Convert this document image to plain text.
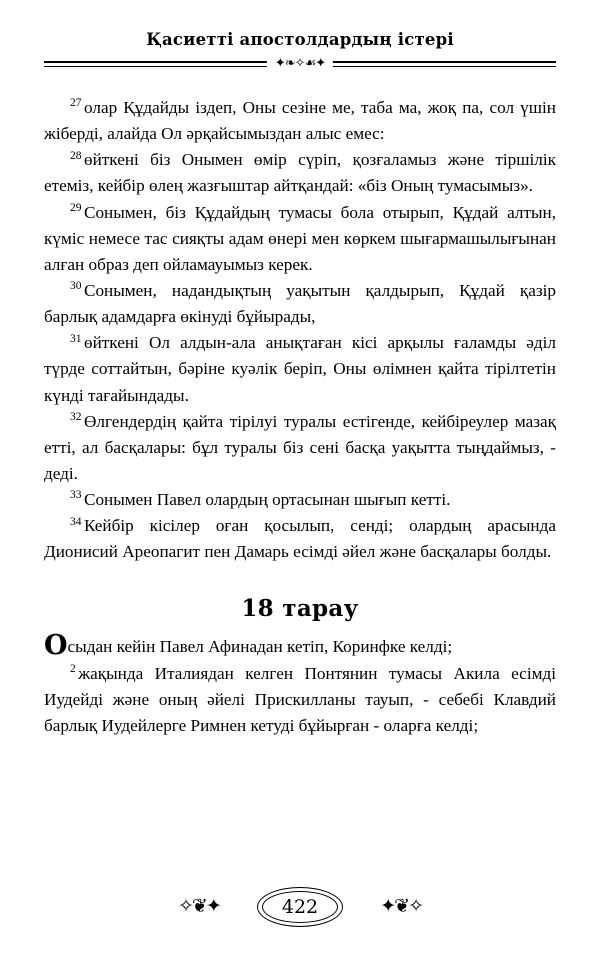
Қасиетті апостолдардың істері
✦❧✧☙✦

$^{27}$ олар Құдайды іздеп, Оны сезіне ме, таба ма, жоқ па, сол үшін жіберді, алайда Ол әрқайсымыздан алыс емес:

$^{28}$ өйткені біз Онымен өмір сүріп, қозғаламыз және тіршілік етеміз, кейбір өлең жазғыштар айтқандай: «біз Оның тумасымыз».

$^{29}$ Сонымен, біз Құдайдың тумасы бола отырып, Құдай алтын, күміс немесе тас сияқты адам өнері мен көркем шығармашылығынан алған образ деп ойламауымыз керек.

$^{30}$ Сонымен, надандықтың уақытын қалдырып, Құдай қазір барлық адамдарға өкінуді бұйырады,

$^{31}$ өйткені Ол алдын-ала анықтаған кісі арқылы ғаламды әділ түрде соттайтын, бәріне куәлік беріп, Оны өлімнен қайта тірілтетін күнді тағайындады.

$^{32}$ Өлгендердің қайта тірілуі туралы естігенде, кейбіреулер мазақ етті, ал басқалары: бұл туралы біз сені басқа уақытта тыңдаймыз, - деді.

$^{33}$ Сонымен Павел олардың ортасынан шығып кетті.

$^{34}$ Кейбір кісілер оған қосылып, сенді; олардың арасында Дионисий Ареопагит пен Дамарь есімді әйел және басқалары болды.

18 тарау

Осыдан кейін Павел Афинадан кетіп, Коринфке келді;

$^2$ жақында Италиядан келген Понтянин тумасы Акила есімді Иудейді және оның әйелі Прискилланы тауып, - себебі Клавдий барлық Иудейлерге Римнен кетуді бұйырған - оларға келді;

✧❦✦	422	✦❦✧
